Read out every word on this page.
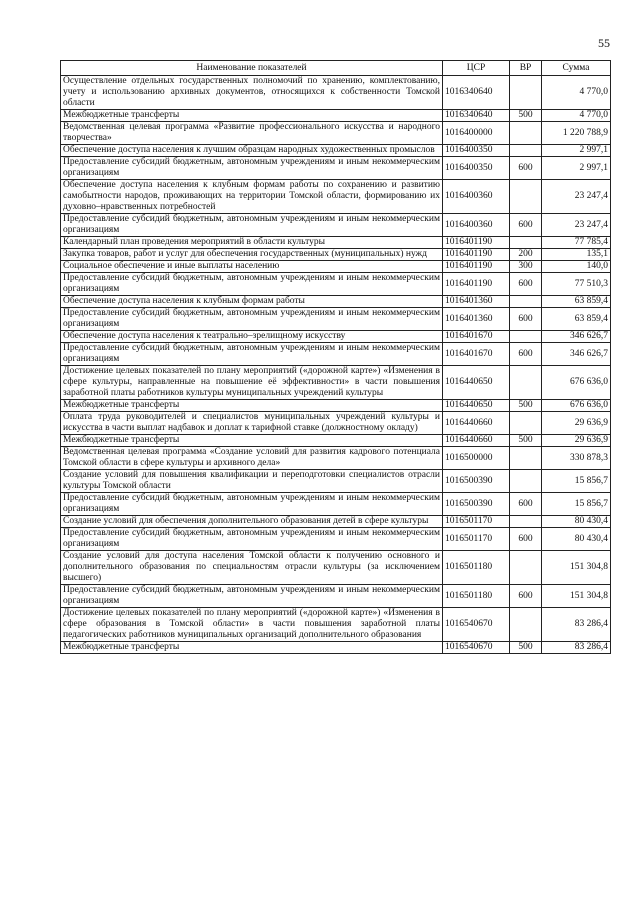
55
Наименование показателей	ЦСР	ВР	Сумма
Осуществление отдельных государственных полномочий по хранению, комплектованию, учету и использованию архивных документов, относящихся к собственности Томской области	1016340640		4 770,0
Межбюджетные трансферты	1016340640	500	4 770,0
Ведомственная целевая программа «Развитие профессионального искусства и народного творчества»	1016400000		1 220 788,9
Обеспечение доступа населения к лучшим образцам народных художественных промыслов	1016400350		2 997,1
Предоставление субсидий бюджетным, автономным учреждениям и иным некоммерческим организациям	1016400350	600	2 997,1
Обеспечение доступа населения к клубным формам работы по сохранению и развитию самобытности народов, проживающих на территории Томской области, формированию их духовно–нравственных потребностей	1016400360		23 247,4
Предоставление субсидий бюджетным, автономным учреждениям и иным некоммерческим организациям	1016400360	600	23 247,4
Календарный план проведения мероприятий в области культуры	1016401190		77 785,4
Закупка товаров, работ и услуг для обеспечения государственных (муниципальных) нужд	1016401190	200	135,1
Социальное обеспечение и иные выплаты населению	1016401190	300	140,0
Предоставление субсидий бюджетным, автономным учреждениям и иным некоммерческим организациям	1016401190	600	77 510,3
Обеспечение доступа населения к клубным формам работы	1016401360		63 859,4
Предоставление субсидий бюджетным, автономным учреждениям и иным некоммерческим организациям	1016401360	600	63 859,4
Обеспечение доступа населения к театрально–зрелищному искусству	1016401670		346 626,7
Предоставление субсидий бюджетным, автономным учреждениям и иным некоммерческим организациям	1016401670	600	346 626,7
Достижение целевых показателей по плану мероприятий («дорожной карте») «Изменения в сфере культуры, направленные на повышение её эффективности» в части повышения заработной платы работников культуры муниципальных учреждений культуры	1016440650		676 636,0
Межбюджетные трансферты	1016440650	500	676 636,0
Оплата труда руководителей и специалистов муниципальных учреждений культуры и искусства в части выплат надбавок и доплат к тарифной ставке (должностному окладу)	1016440660		29 636,9
Межбюджетные трансферты	1016440660	500	29 636,9
Ведомственная целевая программа «Создание условий для развития кадрового потенциала Томской области в сфере культуры и архивного дела»	1016500000		330 878,3
Создание условий для повышения квалификации и переподготовки специалистов отрасли культуры Томской области	1016500390		15 856,7
Предоставление субсидий бюджетным, автономным учреждениям и иным некоммерческим организациям	1016500390	600	15 856,7
Создание условий для обеспечения дополнительного образования детей в сфере культуры	1016501170		80 430,4
Предоставление субсидий бюджетным, автономным учреждениям и иным некоммерческим организациям	1016501170	600	80 430,4
Создание условий для доступа населения Томской области к получению основного и дополнительного образования по специальностям отрасли культуры (за исключением высшего)	1016501180		151 304,8
Предоставление субсидий бюджетным, автономным учреждениям и иным некоммерческим организациям	1016501180	600	151 304,8
Достижение целевых показателей по плану мероприятий («дорожной карте») «Изменения в сфере образования в Томской области» в части повышения заработной платы педагогических работников муниципальных организаций дополнительного образования	1016540670		83 286,4
Межбюджетные трансферты	1016540670	500	83 286,4
